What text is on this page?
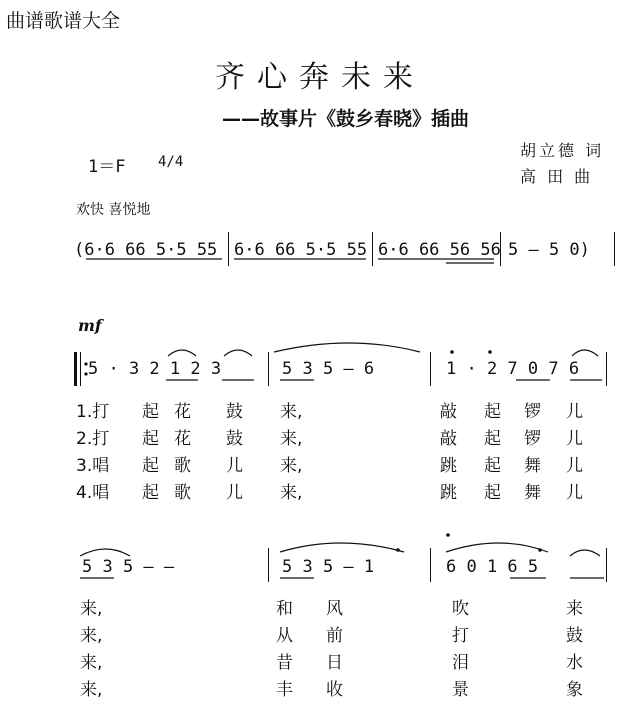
曲谱歌谱大全
齐心奔未来
——故事片《鼓乡春晓》插曲
胡立德 词
高 田 曲
1＝F 4/4
欢快 喜悦地
(6·6 66 5·5 55 6·6 66 5·5 55 6·6 66 56 56 5 — 5 0)
mf
5 · 3 2 1 2 3	5 3 5 — 6	1 · 2 7 0 7 6
1.打 起 花 鼓 来,	敲 起 锣 儿
2.打 起 花 鼓 来,	敲 起 锣 儿
3.唱 起 歌 儿 来,	跳 起 舞 儿
4.唱 起 歌 儿 来,	跳 起 舞 儿
5 3 5 — —	5 3 5 — 1	6 0 1 6 5
来,	和 风	吹	来
来,	从 前	打	鼓
来,	昔 日	泪	水
来,	丰 收	景	象
